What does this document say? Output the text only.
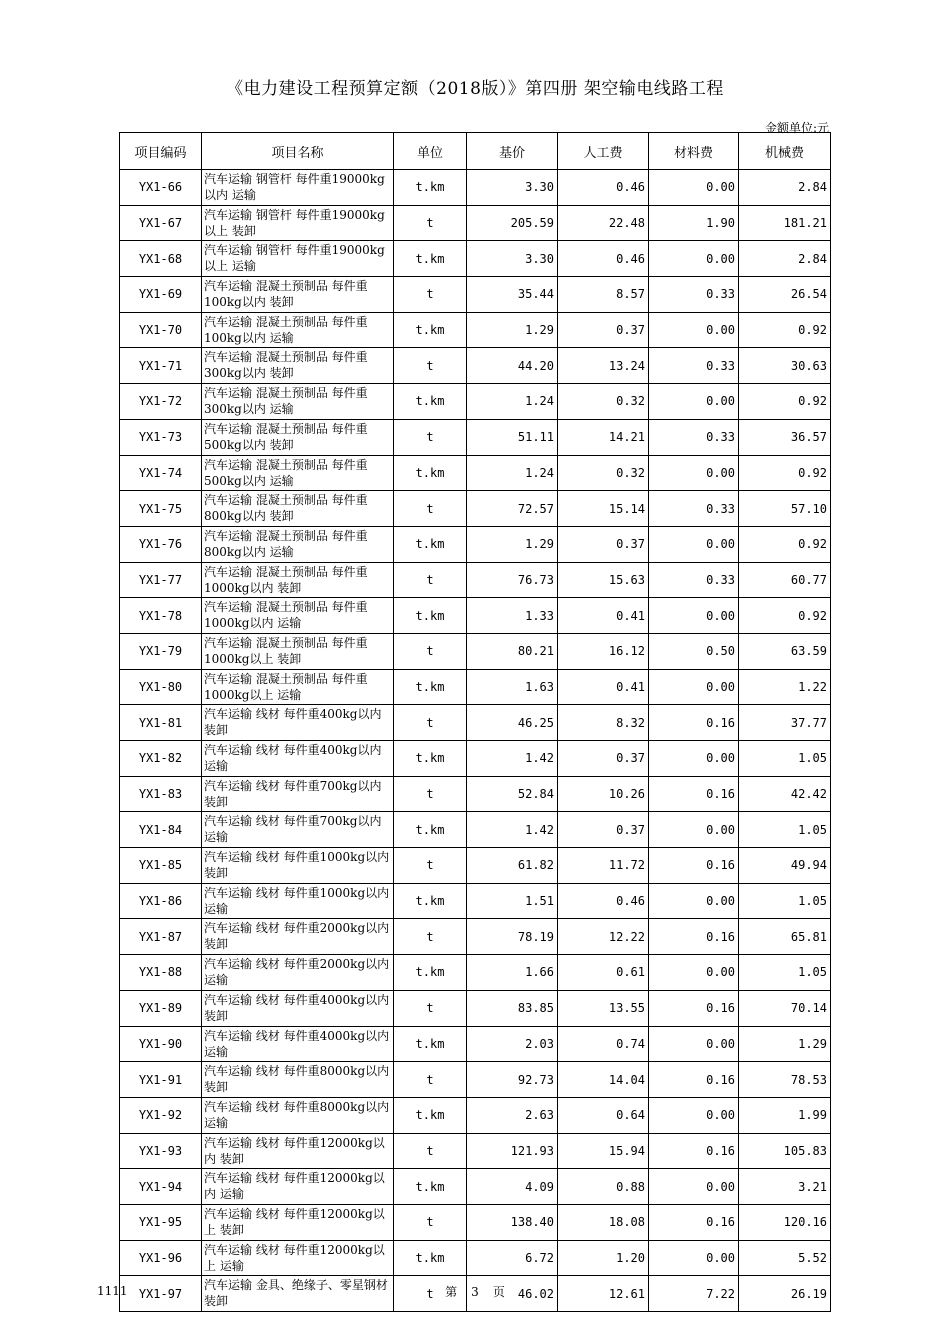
《电力建设工程预算定额（2018版）》第四册 架空输电线路工程
金额单位:元
项目编码	项目名称	单位	基价	人工费	材料费	机械费
YX1-66	汽车运输 钢管杆 每件重19000kg以内 运输	t.km	3.30	0.46	0.00	2.84
YX1-67	汽车运输 钢管杆 每件重19000kg以上 装卸	t	205.59	22.48	1.90	181.21
YX1-68	汽车运输 钢管杆 每件重19000kg以上 运输	t.km	3.30	0.46	0.00	2.84
YX1-69	汽车运输 混凝土预制品 每件重100kg以内 装卸	t	35.44	8.57	0.33	26.54
YX1-70	汽车运输 混凝土预制品 每件重100kg以内 运输	t.km	1.29	0.37	0.00	0.92
YX1-71	汽车运输 混凝土预制品 每件重300kg以内 装卸	t	44.20	13.24	0.33	30.63
YX1-72	汽车运输 混凝土预制品 每件重300kg以内 运输	t.km	1.24	0.32	0.00	0.92
YX1-73	汽车运输 混凝土预制品 每件重500kg以内 装卸	t	51.11	14.21	0.33	36.57
YX1-74	汽车运输 混凝土预制品 每件重500kg以内 运输	t.km	1.24	0.32	0.00	0.92
YX1-75	汽车运输 混凝土预制品 每件重800kg以内 装卸	t	72.57	15.14	0.33	57.10
YX1-76	汽车运输 混凝土预制品 每件重800kg以内 运输	t.km	1.29	0.37	0.00	0.92
YX1-77	汽车运输 混凝土预制品 每件重1000kg以内 装卸	t	76.73	15.63	0.33	60.77
YX1-78	汽车运输 混凝土预制品 每件重1000kg以内 运输	t.km	1.33	0.41	0.00	0.92
YX1-79	汽车运输 混凝土预制品 每件重1000kg以上 装卸	t	80.21	16.12	0.50	63.59
YX1-80	汽车运输 混凝土预制品 每件重1000kg以上 运输	t.km	1.63	0.41	0.00	1.22
YX1-81	汽车运输 线材 每件重400kg以内 装卸	t	46.25	8.32	0.16	37.77
YX1-82	汽车运输 线材 每件重400kg以内 运输	t.km	1.42	0.37	0.00	1.05
YX1-83	汽车运输 线材 每件重700kg以内 装卸	t	52.84	10.26	0.16	42.42
YX1-84	汽车运输 线材 每件重700kg以内 运输	t.km	1.42	0.37	0.00	1.05
YX1-85	汽车运输 线材 每件重1000kg以内 装卸	t	61.82	11.72	0.16	49.94
YX1-86	汽车运输 线材 每件重1000kg以内 运输	t.km	1.51	0.46	0.00	1.05
YX1-87	汽车运输 线材 每件重2000kg以内 装卸	t	78.19	12.22	0.16	65.81
YX1-88	汽车运输 线材 每件重2000kg以内 运输	t.km	1.66	0.61	0.00	1.05
YX1-89	汽车运输 线材 每件重4000kg以内 装卸	t	83.85	13.55	0.16	70.14
YX1-90	汽车运输 线材 每件重4000kg以内 运输	t.km	2.03	0.74	0.00	1.29
YX1-91	汽车运输 线材 每件重8000kg以内 装卸	t	92.73	14.04	0.16	78.53
YX1-92	汽车运输 线材 每件重8000kg以内 运输	t.km	2.63	0.64	0.00	1.99
YX1-93	汽车运输 线材 每件重12000kg以内 装卸	t	121.93	15.94	0.16	105.83
YX1-94	汽车运输 线材 每件重12000kg以内 运输	t.km	4.09	0.88	0.00	3.21
YX1-95	汽车运输 线材 每件重12000kg以上 装卸	t	138.40	18.08	0.16	120.16
YX1-96	汽车运输 线材 每件重12000kg以上 运输	t.km	6.72	1.20	0.00	5.52
YX1-97	汽车运输 金具、绝缘子、零星钢材 装卸	t	46.02	12.61	7.22	26.19
1111	第 3 页
